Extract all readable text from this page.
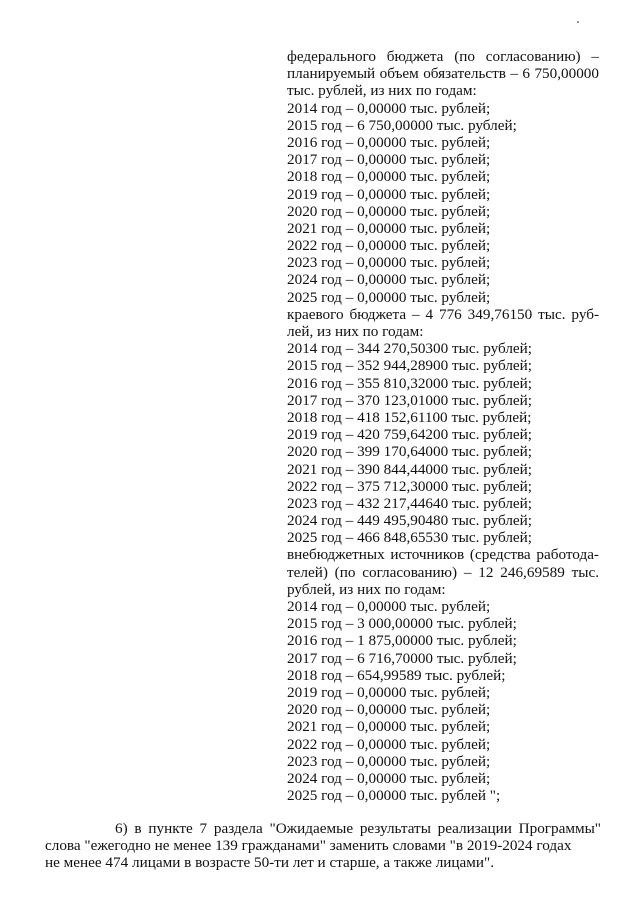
федерального бюджета (по согласованию) –
планируемый объем обязательств – 6 750,00000
тыс. рублей, из них по годам:
2014 год – 0,00000 тыс. рублей;
2015 год – 6 750,00000 тыс. рублей;
2016 год – 0,00000 тыс. рублей;
2017 год – 0,00000 тыс. рублей;
2018 год – 0,00000 тыс. рублей;
2019 год – 0,00000 тыс. рублей;
2020 год – 0,00000 тыс. рублей;
2021 год – 0,00000 тыс. рублей;
2022 год – 0,00000 тыс. рублей;
2023 год – 0,00000 тыс. рублей;
2024 год – 0,00000 тыс. рублей;
2025 год – 0,00000 тыс. рублей;
краевого бюджета – 4 776 349,76150 тыс. руб-
лей, из них по годам:
2014 год – 344 270,50300 тыс. рублей;
2015 год – 352 944,28900 тыс. рублей;
2016 год – 355 810,32000 тыс. рублей;
2017 год – 370 123,01000 тыс. рублей;
2018 год – 418 152,61100 тыс. рублей;
2019 год – 420 759,64200 тыс. рублей;
2020 год – 399 170,64000 тыс. рублей;
2021 год – 390 844,44000 тыс. рублей;
2022 год – 375 712,30000 тыс. рублей;
2023 год – 432 217,44640 тыс. рублей;
2024 год – 449 495,90480 тыс. рублей;
2025 год – 466 848,65530 тыс. рублей;
внебюджетных источников (средства работода-
телей) (по согласованию) – 12 246,69589 тыс.
рублей, из них по годам:
2014 год – 0,00000 тыс. рублей;
2015 год – 3 000,00000 тыс. рублей;
2016 год – 1 875,00000 тыс. рублей;
2017 год – 6 716,70000 тыс. рублей;
2018 год – 654,99589 тыс. рублей;
2019 год – 0,00000 тыс. рублей;
2020 год – 0,00000 тыс. рублей;
2021 год – 0,00000 тыс. рублей;
2022 год – 0,00000 тыс. рублей;
2023 год – 0,00000 тыс. рублей;
2024 год – 0,00000 тыс. рублей;
2025 год – 0,00000 тыс. рублей ";
6) в пункте 7 раздела "Ожидаемые результаты реализации Программы"
слова "ежегодно не менее 139 гражданами" заменить словами "в 2019-2024 годах
не менее 474 лицами в возрасте 50-ти лет и старше, а также лицами".
